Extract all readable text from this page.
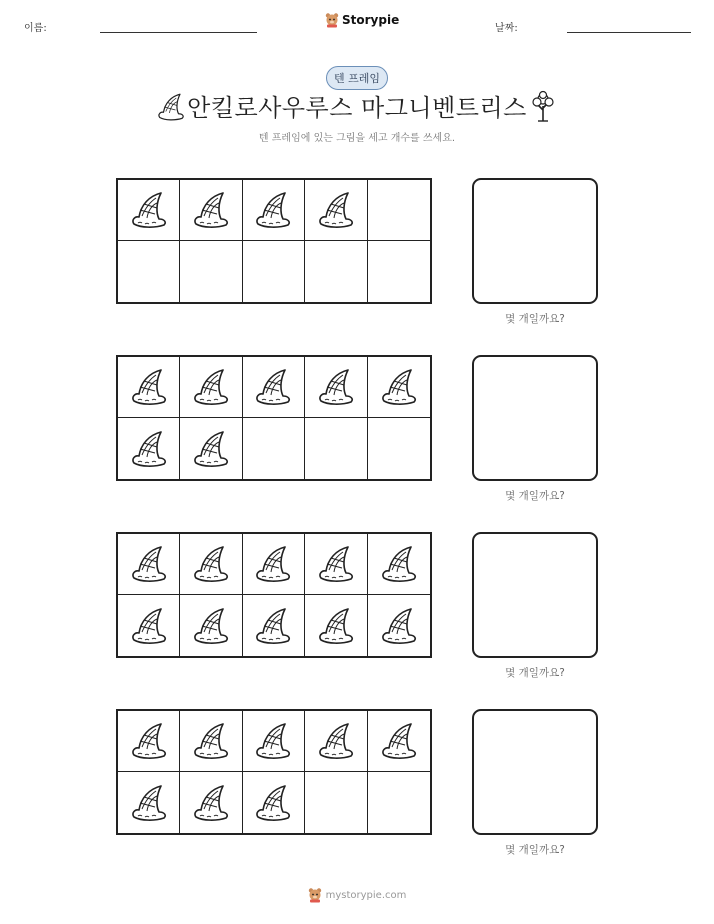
이름:
Storypie
날짜:
텐 프레임
안킬로사우루스 마그니벤트리스
텐 프레임에 있는 그림을 세고 개수를 쓰세요.
몇 개일까요?
몇 개일까요?
몇 개일까요?
몇 개일까요?
mystorypie.com
